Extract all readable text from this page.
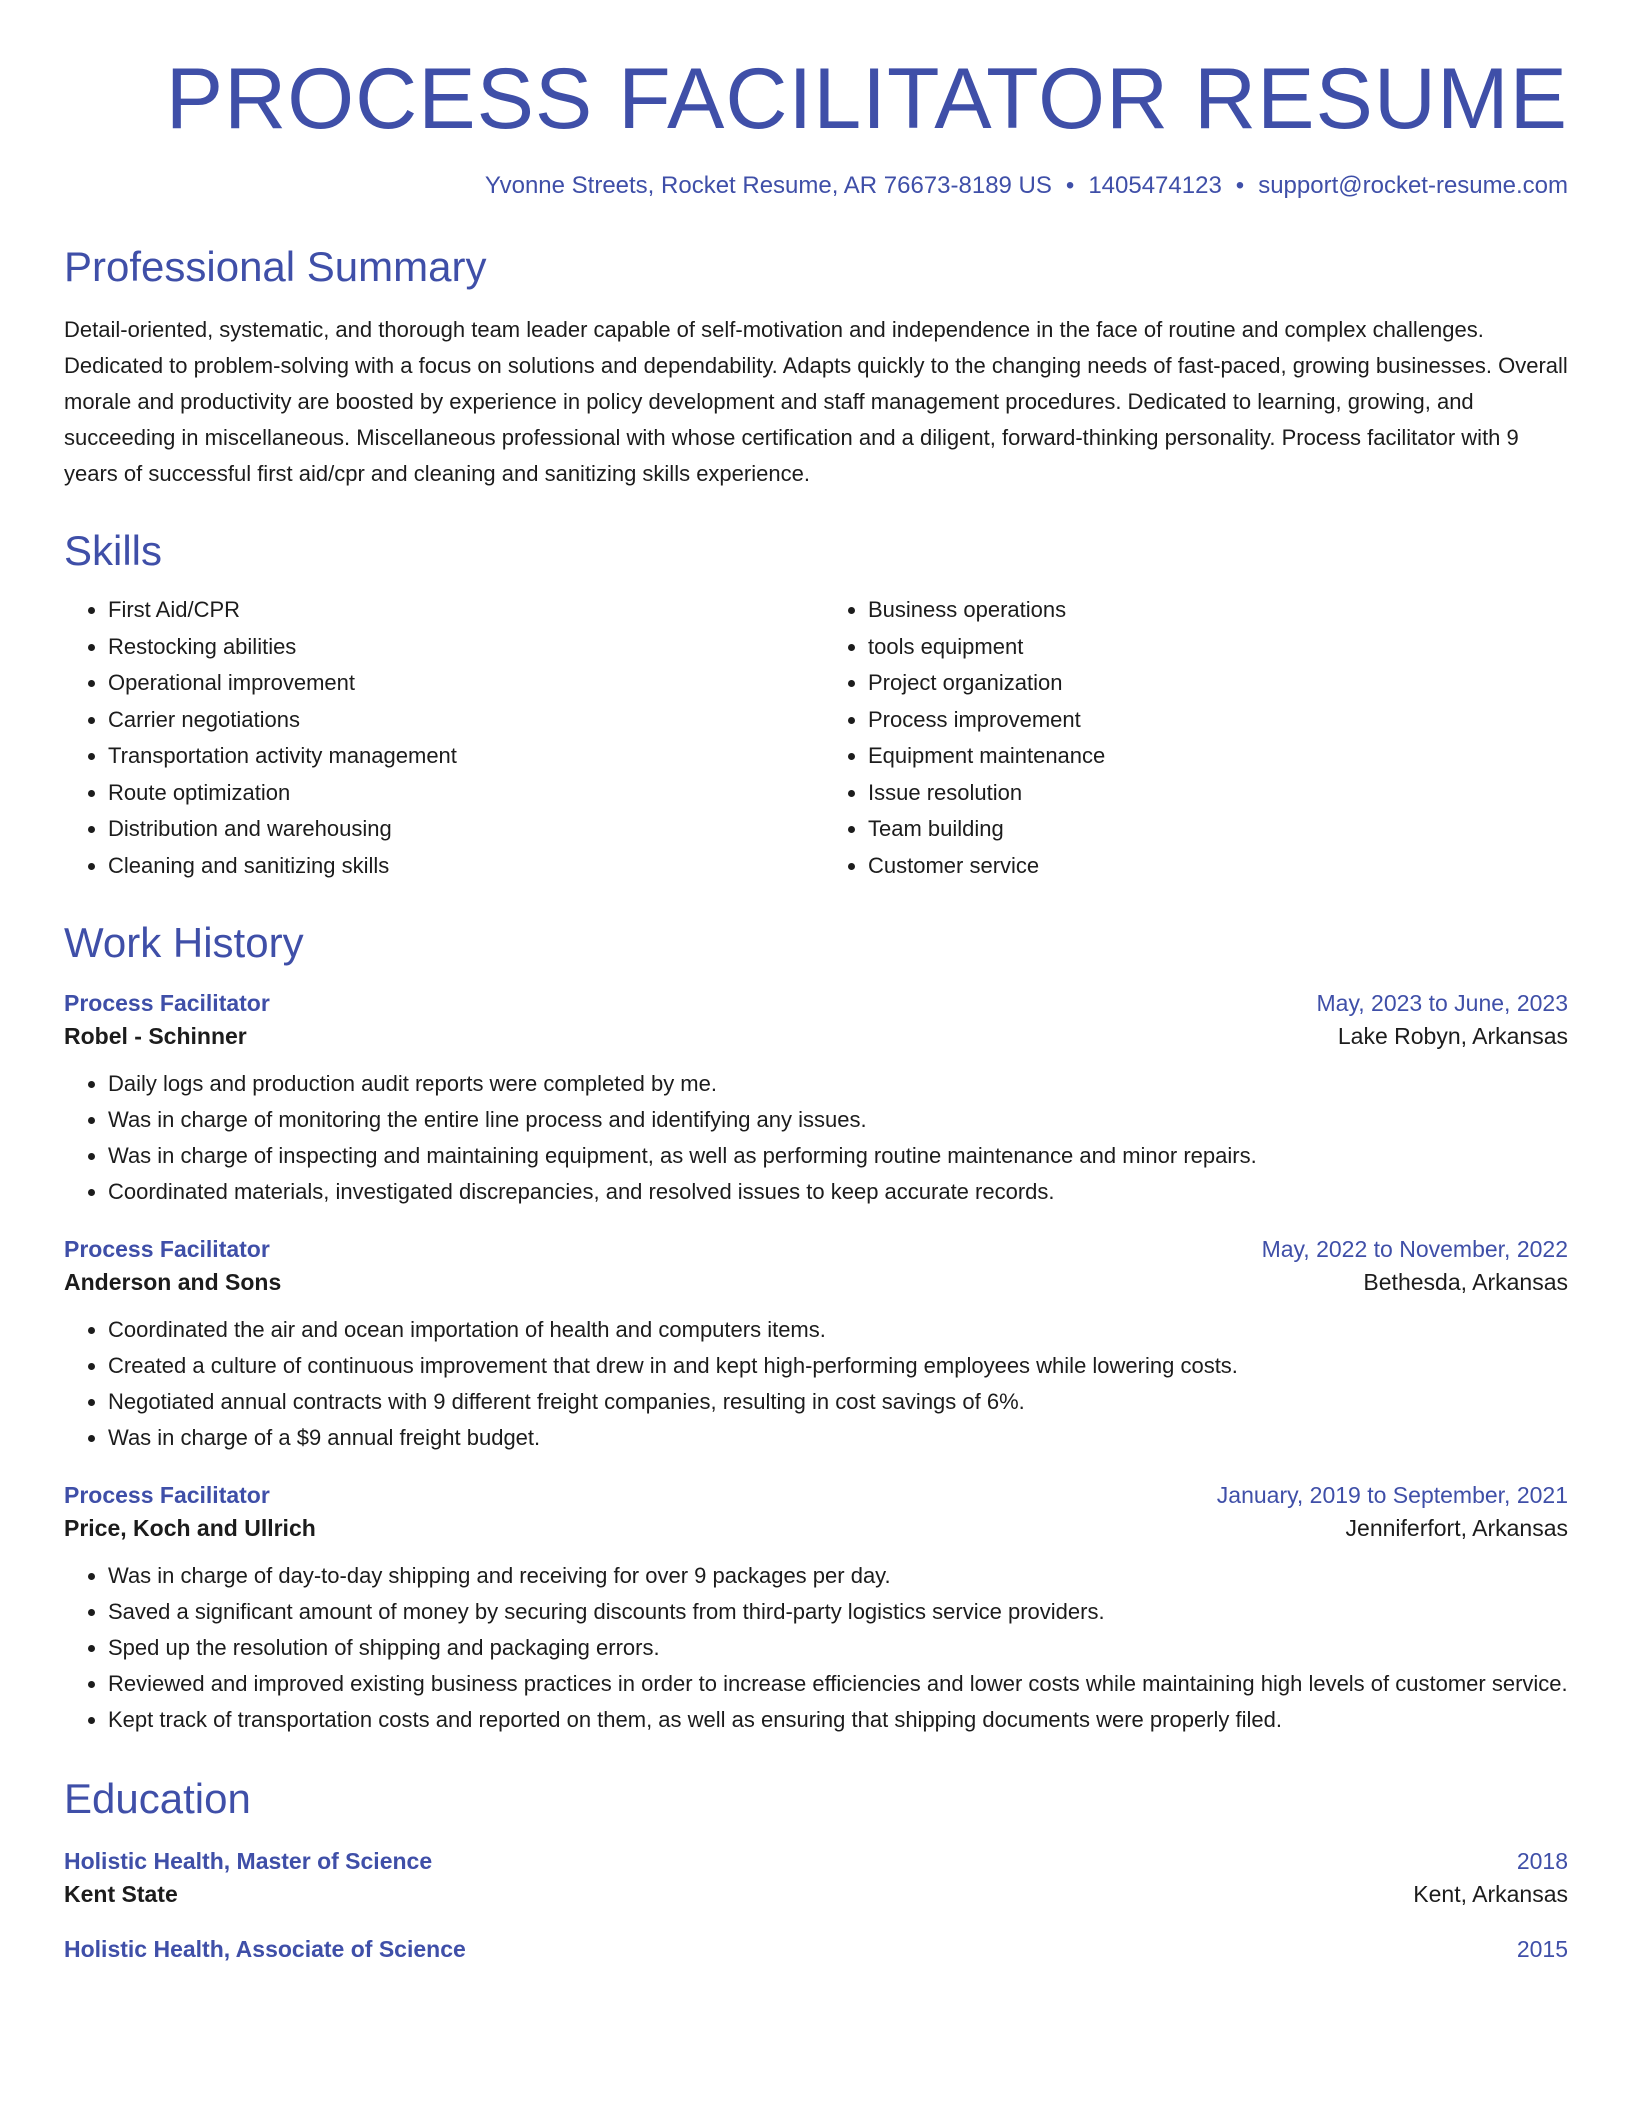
PROCESS FACILITATOR RESUME
Yvonne Streets, Rocket Resume, AR 76673-8189 US • 1405474123 • support@rocket-resume.com
Professional Summary
Detail-oriented, systematic, and thorough team leader capable of self-motivation and independence in the face of routine and complex challenges. Dedicated to problem-solving with a focus on solutions and dependability. Adapts quickly to the changing needs of fast-paced, growing businesses. Overall morale and productivity are boosted by experience in policy development and staff management procedures. Dedicated to learning, growing, and succeeding in miscellaneous. Miscellaneous professional with whose certification and a diligent, forward-thinking personality. Process facilitator with 9 years of successful first aid/cpr and cleaning and sanitizing skills experience.
Skills
• First Aid/CPR	• Business operations
• Restocking abilities	• tools equipment
• Operational improvement	• Project organization
• Carrier negotiations	• Process improvement
• Transportation activity management	• Equipment maintenance
• Route optimization	• Issue resolution
• Distribution and warehousing	• Team building
• Cleaning and sanitizing skills	• Customer service
Work History
Process Facilitator	May, 2023 to June, 2023
Robel - Schinner	Lake Robyn, Arkansas
• Daily logs and production audit reports were completed by me.
• Was in charge of monitoring the entire line process and identifying any issues.
• Was in charge of inspecting and maintaining equipment, as well as performing routine maintenance and minor repairs.
• Coordinated materials, investigated discrepancies, and resolved issues to keep accurate records.
Process Facilitator	May, 2022 to November, 2022
Anderson and Sons	Bethesda, Arkansas
• Coordinated the air and ocean importation of health and computers items.
• Created a culture of continuous improvement that drew in and kept high-performing employees while lowering costs.
• Negotiated annual contracts with 9 different freight companies, resulting in cost savings of 6%.
• Was in charge of a $9 annual freight budget.
Process Facilitator	January, 2019 to September, 2021
Price, Koch and Ullrich	Jenniferfort, Arkansas
• Was in charge of day-to-day shipping and receiving for over 9 packages per day.
• Saved a significant amount of money by securing discounts from third-party logistics service providers.
• Sped up the resolution of shipping and packaging errors.
• Reviewed and improved existing business practices in order to increase efficiencies and lower costs while maintaining high levels of customer service.
• Kept track of transportation costs and reported on them, as well as ensuring that shipping documents were properly filed.
Education
Holistic Health, Master of Science	2018
Kent State	Kent, Arkansas
Holistic Health, Associate of Science	2015
